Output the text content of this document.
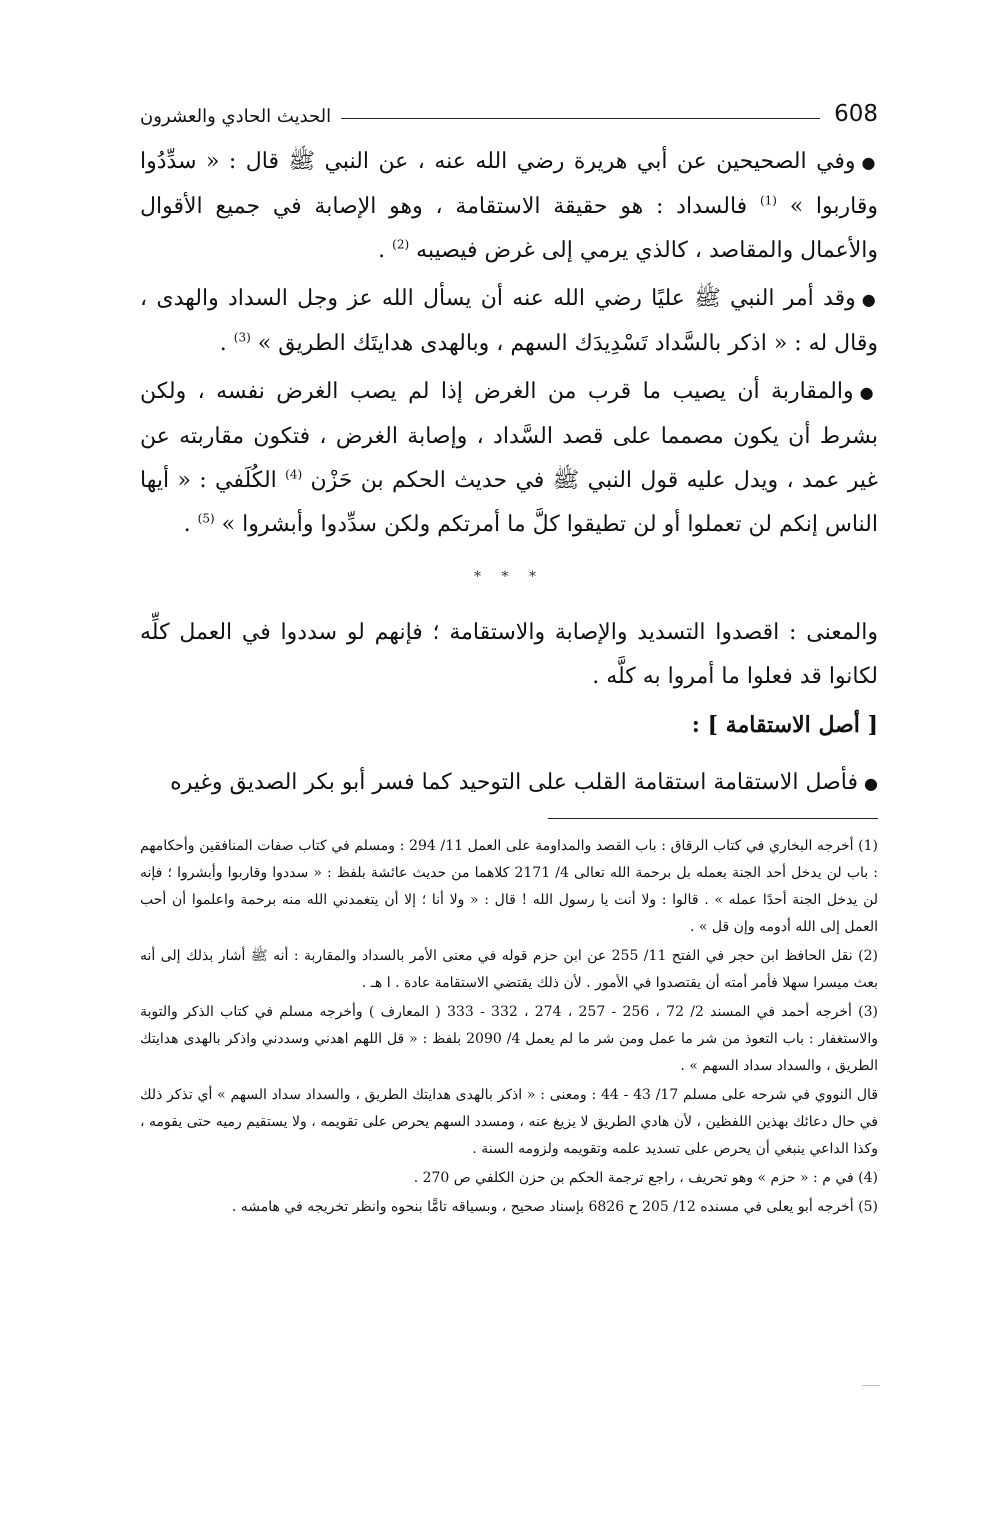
608
الحديث الحادي والعشرون

●وفي الصحيحين عن أبي هريرة رضي الله عنه ، عن النبي ﷺ قال : « سدِّدُوا وقاربوا » $^{(1)}$ فالسداد : هو حقيقة الاستقامة ، وهو الإصابة في جميع الأقوال والأعمال والمقاصد ، كالذي يرمي إلى غرض فيصيبه $^{(2)}$ .

●وقد أمر النبي ﷺ عليًا رضي الله عنه أن يسأل الله عز وجل السداد والهدى ، وقال له : « اذكر بالسَّداد تَسْدِيدَك السهم ، وبالهدى هدايتَك الطريق » $^{(3)}$ .

●والمقاربة أن يصيب ما قرب من الغرض إذا لم يصب الغرض نفسه ، ولكن بشرط أن يكون مصمما على قصد السَّداد ، وإصابة الغرض ، فتكون مقاربته عن غير عمد ، ويدل عليه قول النبي ﷺ في حديث الحكم بن حَزْن $^{(4)}$ الكُلَفي : « أيها الناس إنكم لن تعملوا أو لن تطيقوا كلَّ ما أمرتكم ولكن سدِّدوا وأبشروا » $^{(5)}$ .

* * *

والمعنى : اقصدوا التسديد والإصابة والاستقامة ؛ فإنهم لو سددوا في العمل كلِّه لكانوا قد فعلوا ما أمروا به كلَّه .

[ أصل الاستقامة ] :

●فأصل الاستقامة استقامة القلب على التوحيد كما فسر أبو بكر الصديق وغيره

(1) أخرجه البخاري في كتاب الرقاق : باب القصد والمداومة على العمل 11/ 294 : ومسلم في كتاب صفات المنافقين وأحكامهم : باب لن يدخل أحد الجنة بعمله بل برحمة الله تعالى 4/ 2171 كلاهما من حديث عائشة بلفظ : « سددوا وقاربوا وأبشروا ؛ فإنه لن يدخل الجنة أحدًا عمله » . قالوا : ولا أنت يا رسول الله ! قال : « ولا أنا ؛ إلا أن يتغمدني الله منه برحمة واعلموا أن أحب العمل إلى الله أدومه وإن قل » .

(2) نقل الحافظ ابن حجر في الفتح 11/ 255 عن ابن حزم قوله في معنى الأمر بالسداد والمقاربة : أنه ﷺ أشار بذلك إلى أنه بعث ميسرا سهلا فأمر أمته أن يقتصدوا في الأمور . لأن ذلك يقتضي الاستقامة عادة . ا هـ .

(3) أخرجه أحمد في المسند 2/ 72 ، 256 - 257 ، 274 ، 332 - 333 ( المعارف ) وأخرجه مسلم في كتاب الذكر والتوبة والاستغفار : باب التعوذ من شر ما عمل ومن شر ما لم يعمل 4/ 2090 بلفظ : « قل اللهم اهدني وسددني واذكر بالهدى هدايتك الطريق ، والسداد سداد السهم » .

قال النووي في شرحه على مسلم 17/ 43 - 44 : ومعنى : « اذكر بالهدى هدايتك الطريق ، والسداد سداد السهم » أي تذكر ذلك في حال دعائك بهذين اللفظين ، لأن هادي الطريق لا يزيغ عنه ، ومسدد السهم يحرص على تقويمه ، ولا يستقيم رميه حتى يقومه ، وكذا الداعي ينبغي أن يحرص على تسديد علمه وتقويمه ولزومه السنة .

(4) في م : « حزم » وهو تحريف ، راجع ترجمة الحكم بن حزن الكلفي ص 270 .

(5) أخرجه أبو يعلى في مسنده 12/ 205 ح 6826 بإسناد صحيح ، وبسياقه تامًّا بنحوه وانظر تخريجه في هامشه .
